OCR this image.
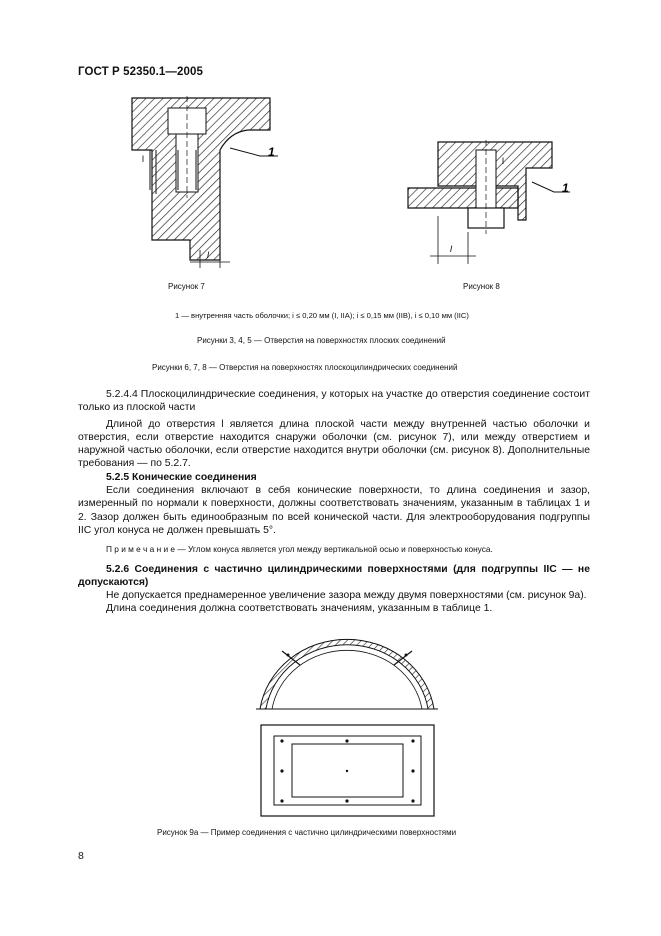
ГОСТ Р 52350.1—2005
l	1
l
l
1
l
Рисунок 7	Рисунок 8
1 — внутренняя часть оболочки; i ≤ 0,20 мм (I, IIA); i ≤ 0,15 мм (IIB), i ≤ 0,10 мм (IIC)
Рисунки 3, 4, 5 — Отверстия на поверхностях плоских соединений
Рисунки 6, 7, 8 — Отверстия на поверхностях плоскоцилиндрических соединений

5.2.4.4 Плоскоцилиндрические соединения, у которых на участке до отверстия соединение состоит только из плоской части

Длиной до отверстия l является длина плоской части между внутренней частью оболочки и отверстия, если отверстие находится снаружи оболочки (см. рисунок 7), или между отверстием и наружной частью оболочки, если отверстие находится внутри оболочки (см. рисунок 8). Дополнительные требования — по 5.2.7.

5.2.5 Конические соединения

Если соединения включают в себя конические поверхности, то длина соединения и зазор, измеренный по нормали к поверхности, должны соответствовать значениям, указанным в таблицах 1 и 2. Зазор должен быть единообразным по всей конической части. Для электрооборудования подгруппы IIC угол конуса не должен превышать 5°.

П р и м е ч а н и е — Углом конуса является угол между вертикальной осью и поверхностью конуса.

5.2.6 Соединения с частично цилиндрическими поверхностями (для подгруппы IIC — не допускаются)

Не допускается преднамеренное увеличение зазора между двумя поверхностями (см. рисунок 9а).

Длина соединения должна соответствовать значениям, указанным в таблице 1.

Рисунок 9а — Пример соединения с частично цилиндрическими поверхностями
8
